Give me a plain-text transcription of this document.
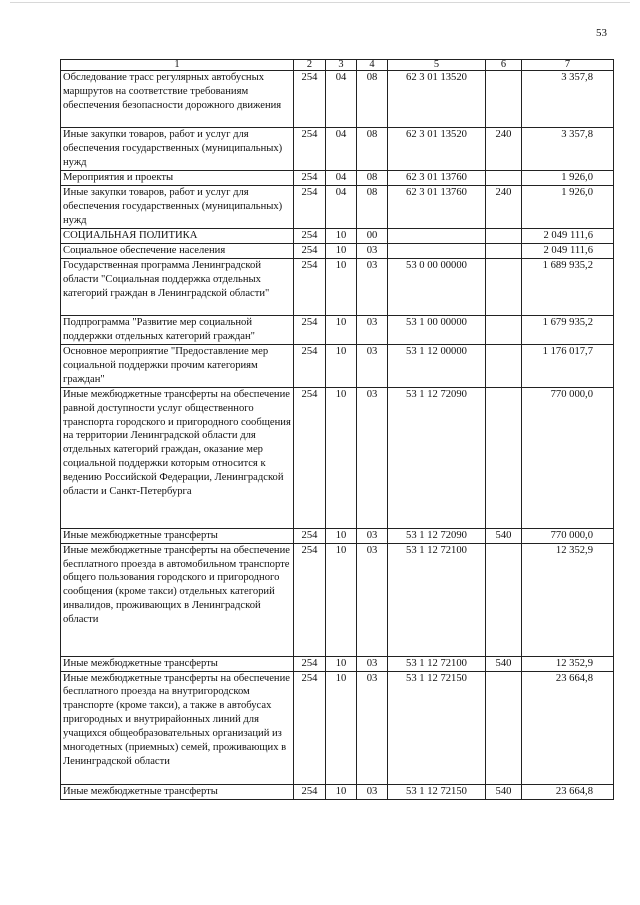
53
1	2	3	4	5	6	7
Обследование трасс регулярных автобусных маршрутов на соответствие требованиям обеспечения безопасности дорожного движения	254	04	08	62 3 01 13520		3 357,8
Иные закупки товаров, работ и услуг для обеспечения государственных (муниципальных) нужд	254	04	08	62 3 01 13520	240	3 357,8
Мероприятия и проекты	254	04	08	62 3 01 13760		1 926,0
Иные закупки товаров, работ и услуг для обеспечения государственных (муниципальных) нужд	254	04	08	62 3 01 13760	240	1 926,0
СОЦИАЛЬНАЯ ПОЛИТИКА	254	10	00			2 049 111,6
Социальное обеспечение населения	254	10	03			2 049 111,6
Государственная программа Ленинградской области "Социальная поддержка отдельных категорий граждан в Ленинградской области"	254	10	03	53 0 00 00000		1 689 935,2
Подпрограмма "Развитие мер социальной поддержки отдельных категорий граждан"	254	10	03	53 1 00 00000		1 679 935,2
Основное мероприятие "Предоставление мер социальной поддержки прочим категориям граждан"	254	10	03	53 1 12 00000		1 176 017,7
Иные межбюджетные трансферты на обеспечение равной доступности услуг общественного транспорта городского и пригородного сообщения на территории Ленинградской области для отдельных категорий граждан, оказание мер социальной поддержки которым относится к ведению Российской Федерации, Ленинградской области и Санкт-Петербурга	254	10	03	53 1 12 72090		770 000,0
Иные межбюджетные трансферты	254	10	03	53 1 12 72090	540	770 000,0
Иные межбюджетные трансферты на обеспечение бесплатного проезда в автомобильном транспорте общего пользования городского и пригородного сообщения (кроме такси) отдельных категорий инвалидов, проживающих в Ленинградской области	254	10	03	53 1 12 72100		12 352,9
Иные межбюджетные трансферты	254	10	03	53 1 12 72100	540	12 352,9
Иные межбюджетные трансферты на обеспечение бесплатного проезда на внутригородском транспорте (кроме такси), а также в автобусах пригородных и внутрирайонных линий для учащихся общеобразовательных организаций из многодетных (приемных) семей, проживающих в Ленинградской области	254	10	03	53 1 12 72150		23 664,8
Иные межбюджетные трансферты	254	10	03	53 1 12 72150	540	23 664,8
